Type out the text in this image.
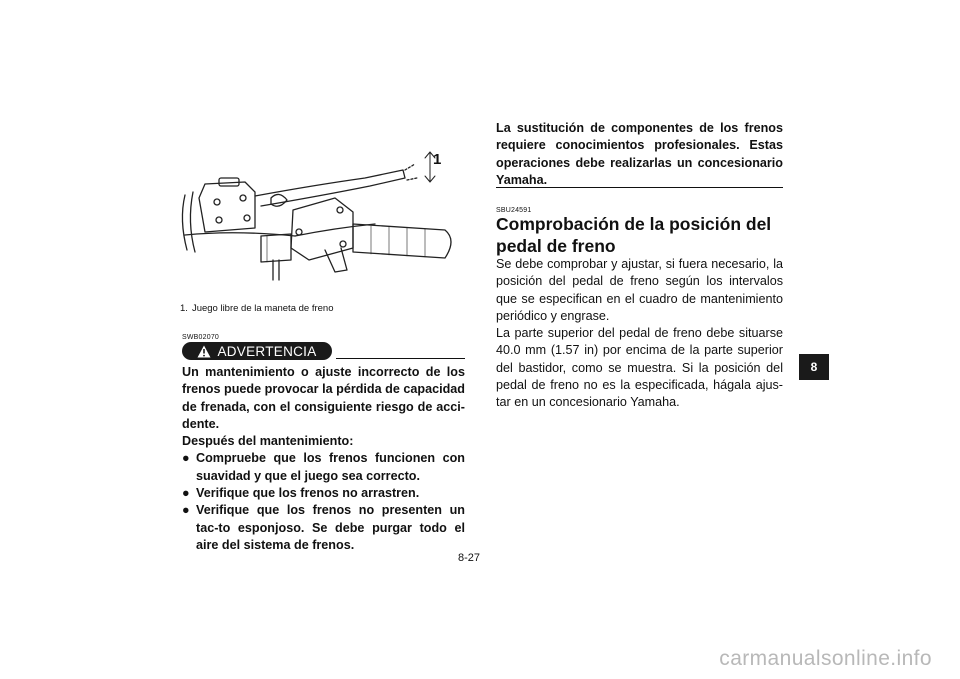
1
1. Juego libre de la maneta de freno
SWB02070
ADVERTENCIA

Un mantenimiento o ajuste incorrecto de los frenos puede provocar la pérdida de capacidad de frenada, con el consiguiente riesgo de acci-dente.

Después del mantenimiento:

● Compruebe que los frenos funcionen con suavidad y que el juego sea correcto.
● Verifique que los frenos no arrastren.
● Verifique que los frenos no presenten un tac-to esponjoso. Se debe purgar todo el aire del sistema de frenos.

La sustitución de componentes de los frenos requiere conocimientos profesionales. Estas operaciones debe realizarlas un concesionario Yamaha.

SBU24591
Comprobación de la posición del pedal de freno

Se debe comprobar y ajustar, si fuera necesario, la posición del pedal de freno según los intervalos que se especifican en el cuadro de mantenimiento periódico y engrase.

La parte superior del pedal de freno debe situarse 40.0 mm (1.57 in) por encima de la parte superior del bastidor, como se muestra. Si la posición del pedal de freno no es la especificada, hágala ajus-tar en un concesionario Yamaha.

8-27
8
carmanualsonline.info
